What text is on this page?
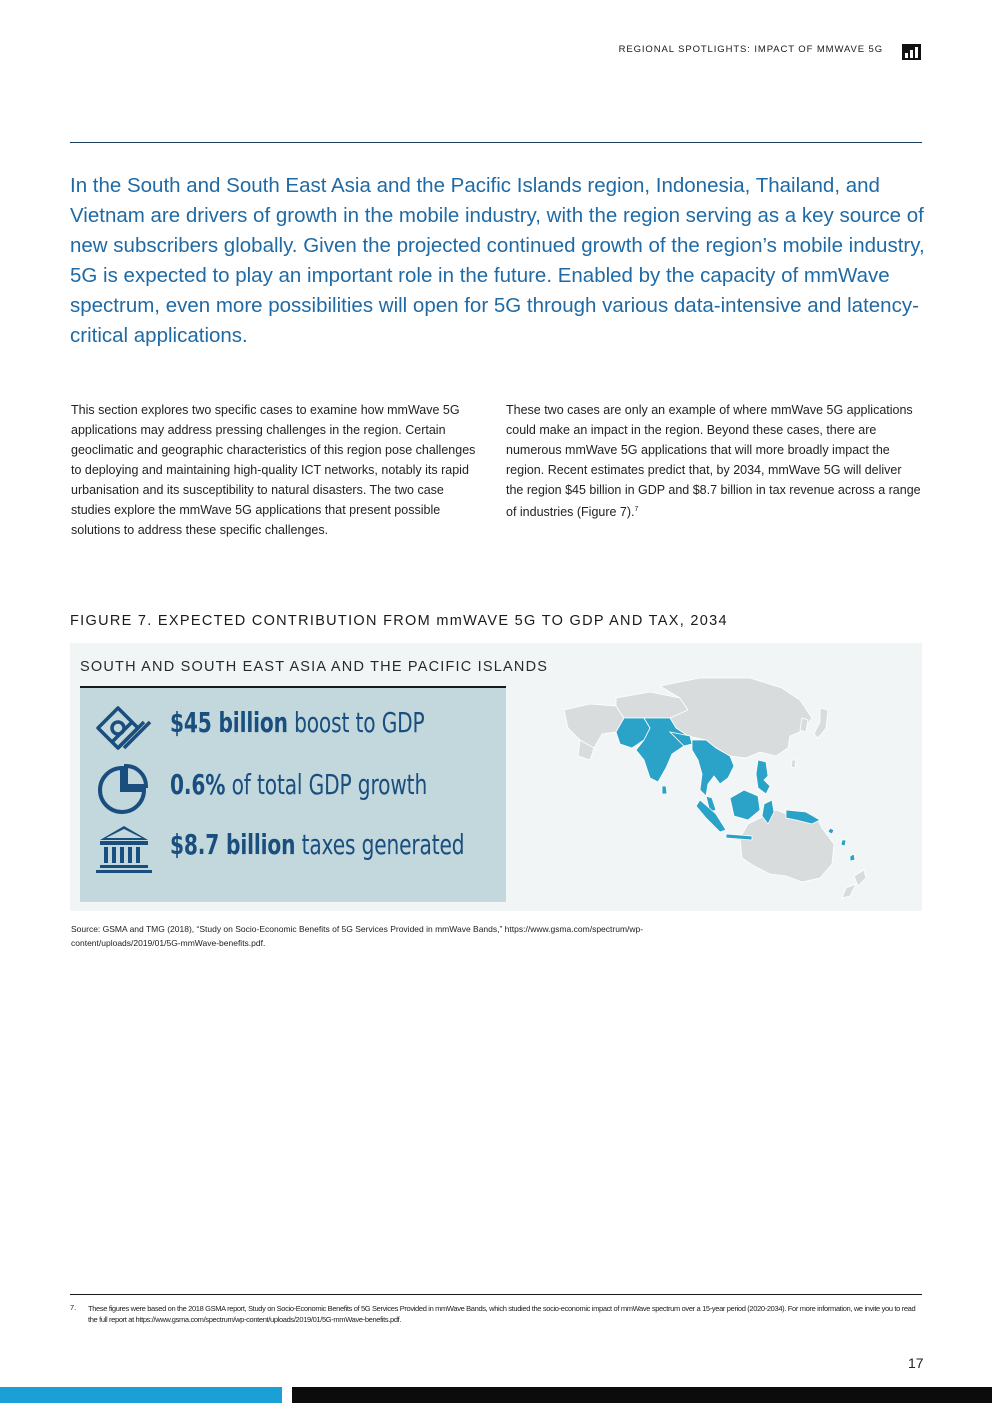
REGIONAL SPOTLIGHTS: IMPACT OF MMWAVE 5G
In the South and South East Asia and the Pacific Islands region, Indonesia, Thailand, and Vietnam are drivers of growth in the mobile industry, with the region serving as a key source of new subscribers globally. Given the projected continued growth of the region’s mobile industry, 5G is expected to play an important role in the future. Enabled by the capacity of mmWave spectrum, even more possibilities will open for 5G through various data-intensive and latency-critical applications.
This section explores two specific cases to examine how mmWave 5G applications may address pressing challenges in the region. Certain geoclimatic and geographic characteristics of this region pose challenges to deploying and maintaining high-quality ICT networks, notably its rapid urbanisation and its susceptibility to natural disasters. The two case studies explore the mmWave 5G applications that present possible solutions to address these specific challenges.
These two cases are only an example of where mmWave 5G applications could make an impact in the region. Beyond these cases, there are numerous mmWave 5G applications that will more broadly impact the region. Recent estimates predict that, by 2034, mmWave 5G will deliver the region $45 billion in GDP and $8.7 billion in tax revenue across a range of industries (Figure 7).$^7$
FIGURE 7. EXPECTED CONTRIBUTION FROM mmWAVE 5G TO GDP AND TAX, 2034
SOUTH AND SOUTH EAST ASIA AND THE PACIFIC ISLANDS
$45 billion boost to GDP
0.6% of total GDP growth
$8.7 billion taxes generated
Source: GSMA and TMG (2018), “Study on Socio-Economic Benefits of 5G Services Provided in mmWave Bands,” https://www.gsma.com/spectrum/wp-content/uploads/2019/01/5G-mmWave-benefits.pdf.
7. These figures were based on the 2018 GSMA report, Study on Socio-Economic Benefits of 5G Services Provided in mmWave Bands, which studied the socio-economic impact of mmWave spectrum over a 15-year period (2020-2034). For more information, we invite you to read the full report at https://www.gsma.com/spectrum/wp-content/uploads/2019/01/5G-mmWave-benefits.pdf.
17
